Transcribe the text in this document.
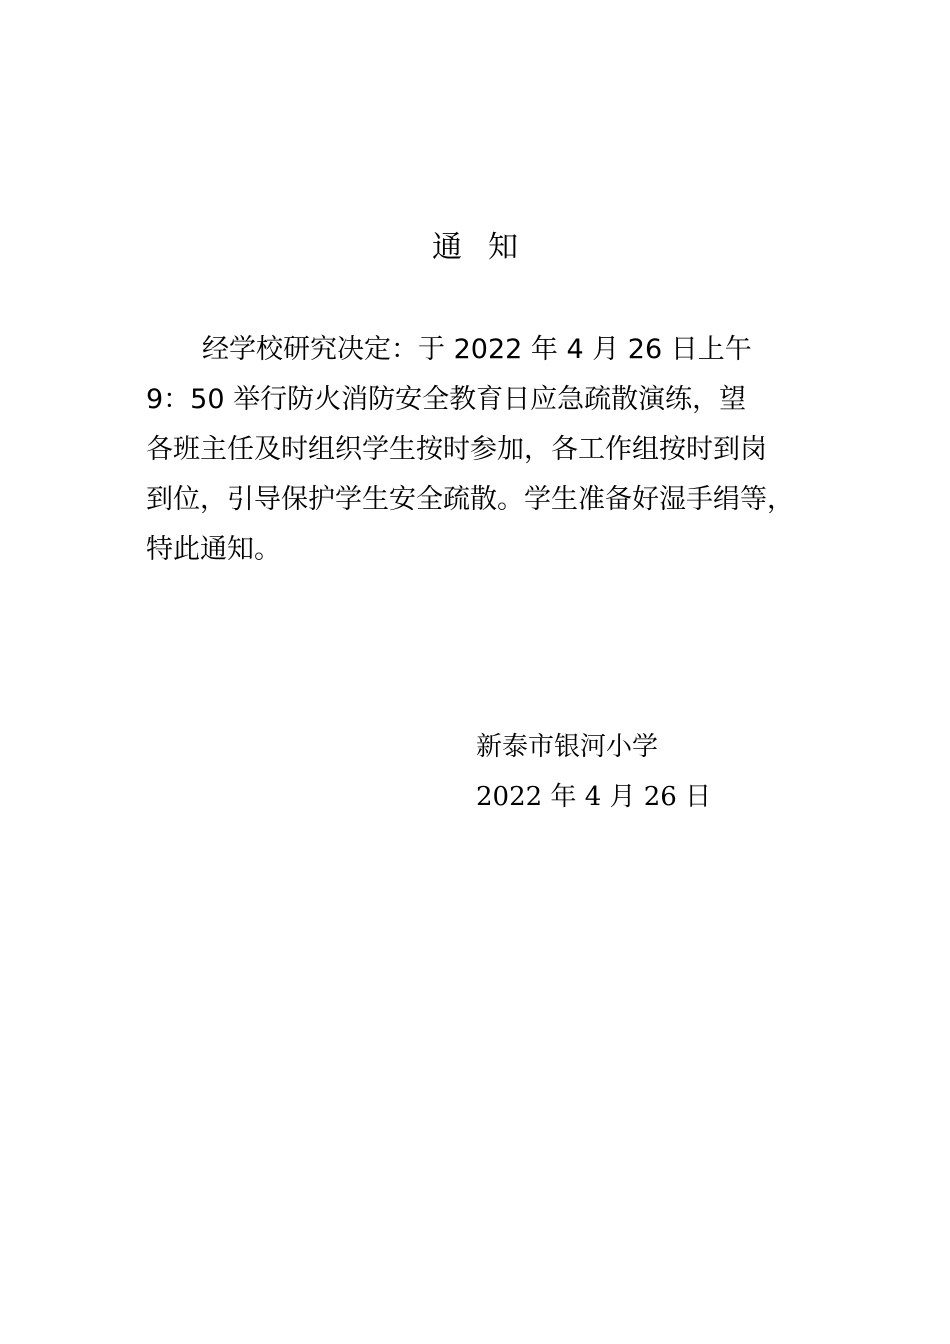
通知
经学校研究决定：于 2022 年 4 月 26 日上午
9：50 举行防火消防安全教育日应急疏散演练，望
各班主任及时组织学生按时参加，各工作组按时到岗
到位，引导保护学生安全疏散。学生准备好湿手绢等，
特此通知。
新泰市银河小学
2022 年 4 月 26 日
